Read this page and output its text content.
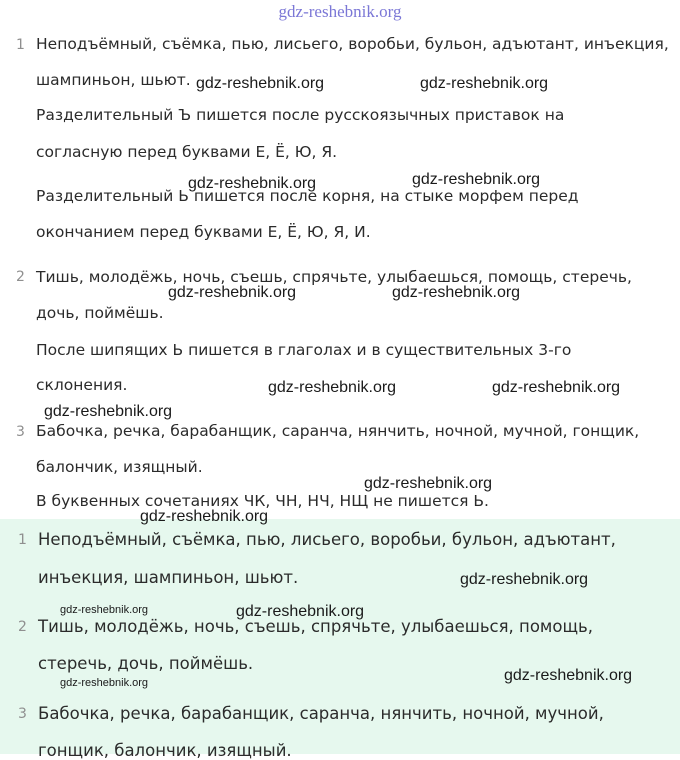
gdz-reshebnik.org
1 Неподъёмный, съёмка, пью, лисьего, воробьи, бульон, адъютант, инъекция,
шампиньон, шьют.
Разделительный Ъ пишется после русскоязычных приставок на
согласную перед буквами Е, Ё, Ю, Я.
Разделительный Ь пишется после корня, на стыке морфем перед
окончанием перед буквами Е, Ё, Ю, Я, И.
2 Тишь, молодёжь, ночь, съешь, спрячьте, улыбаешься, помощь, стеречь,
дочь, поймёшь.
После шипящих Ь пишется в глаголах и в существительных 3-го
склонения.
3 Бабочка, речка, барабанщик, саранча, нянчить, ночной, мучной, гонщик,
балончик, изящный.
В буквенных сочетаниях ЧК, ЧН, НЧ, НЩ не пишется Ь.
1 Неподъёмный, съёмка, пью, лисьего, воробьи, бульон, адъютант,
инъекция, шампиньон, шьют.
2 Тишь, молодёжь, ночь, съешь, спрячьте, улыбаешься, помощь,
стеречь, дочь, поймёшь.
3 Бабочка, речка, барабанщик, саранча, нянчить, ночной, мучной,
гонщик, балончик, изящный.
gdz-reshebnik.org	gdz-reshebnik.org
gdz-reshebnik.org	gdz-reshebnik.org
gdz-reshebnik.org	gdz-reshebnik.org
gdz-reshebnik.org	gdz-reshebnik.org
gdz-reshebnik.org
gdz-reshebnik.org
gdz-reshebnik.org
gdz-reshebnik.org
gdz-reshebnik.org	gdz-reshebnik.org
gdz-reshebnik.org	gdz-reshebnik.org
